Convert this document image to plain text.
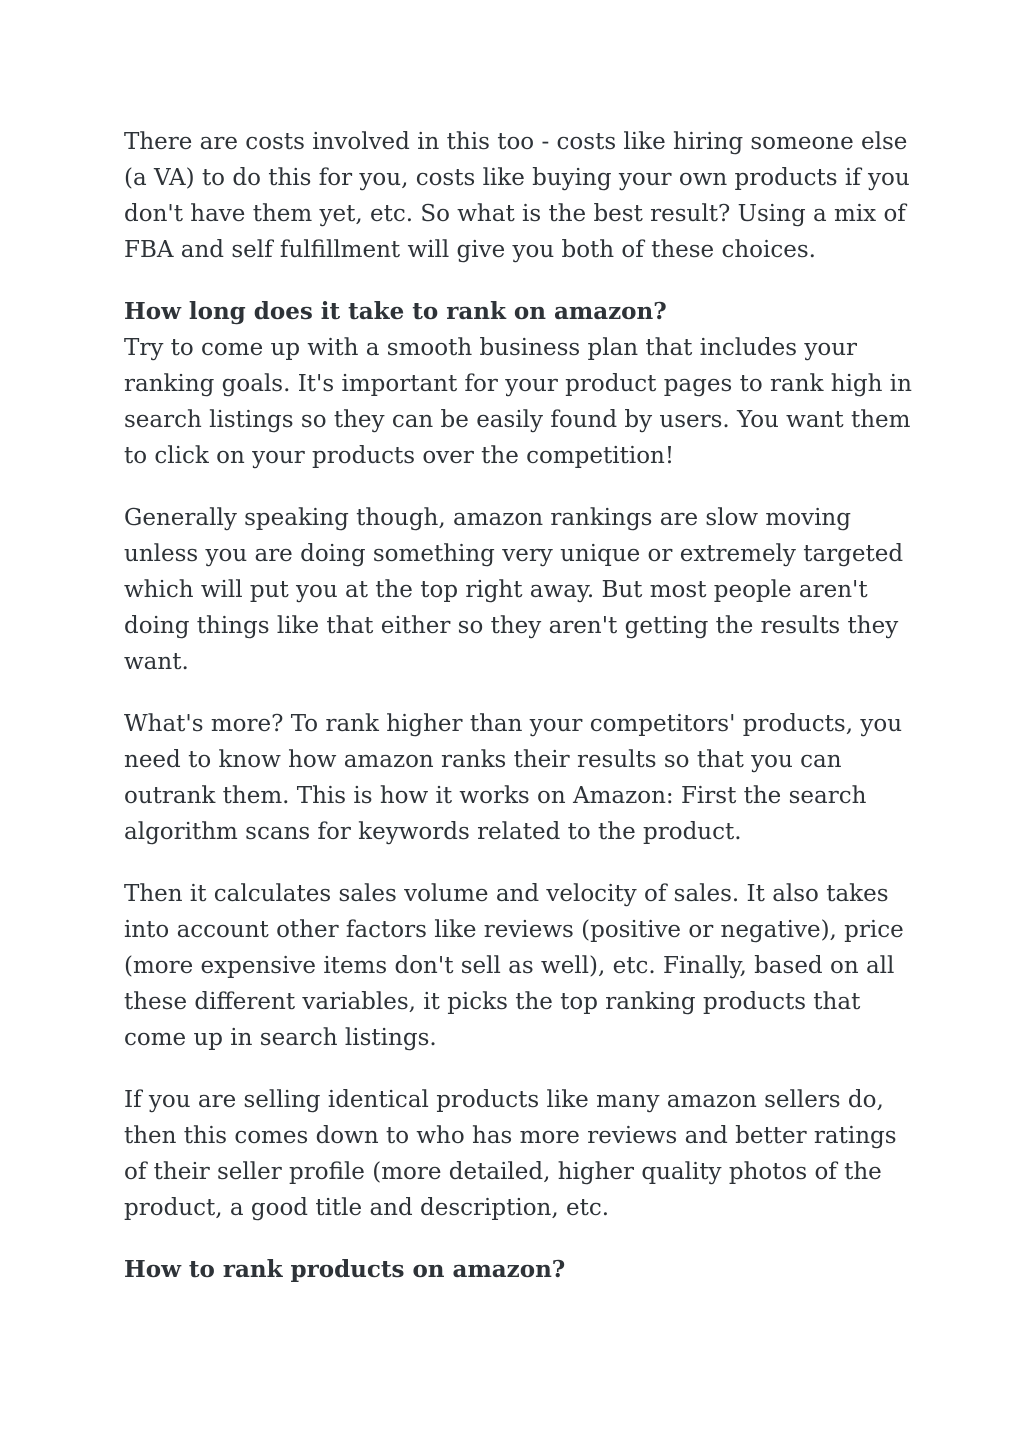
There are costs involved in this too - costs like hiring someone else
(a VA) to do this for you, costs like buying your own products if you
don't have them yet, etc. So what is the best result? Using a mix of
FBA and self fulfillment will give you both of these choices.

How long does it take to rank on amazon?

Try to come up with a smooth business plan that includes your
ranking goals. It's important for your product pages to rank high in
search listings so they can be easily found by users. You want them
to click on your products over the competition!

Generally speaking though, amazon rankings are slow moving
unless you are doing something very unique or extremely targeted
which will put you at the top right away. But most people aren't
doing things like that either so they aren't getting the results they
want.

What's more? To rank higher than your competitors' products, you
need to know how amazon ranks their results so that you can
outrank them. This is how it works on Amazon: First the search
algorithm scans for keywords related to the product.

Then it calculates sales volume and velocity of sales. It also takes
into account other factors like reviews (positive or negative), price
(more expensive items don't sell as well), etc. Finally, based on all
these different variables, it picks the top ranking products that
come up in search listings.

If you are selling identical products like many amazon sellers do,
then this comes down to who has more reviews and better ratings
of their seller profile (more detailed, higher quality photos of the
product, a good title and description, etc.

How to rank products on amazon?
